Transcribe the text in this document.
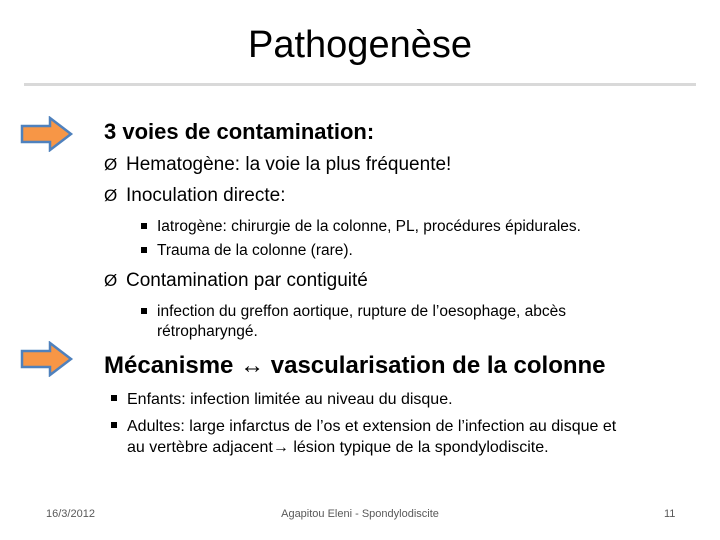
Pathogenèse
3 voies de contamination:
Ø Hematogène: la voie la plus fréquente!
Ø Inoculation directe:
Iatrogène: chirurgie de la colonne, PL, procédures épidurales.
Trauma de la colonne (rare).
Ø Contamination par contiguité
infection du greffon aortique, rupture de l’oesophage, abcès
rétropharyngé.
Mécanisme ↔ vascularisation de la colonne
Enfants: infection limitée au niveau du disque.
Adultes: large infarctus de l’os et extension de l’infection au disque et
au vertèbre adjacent→ lésion typique de la spondylodiscite.
16/3/2012	Agapitou Eleni - Spondylodiscite	11
